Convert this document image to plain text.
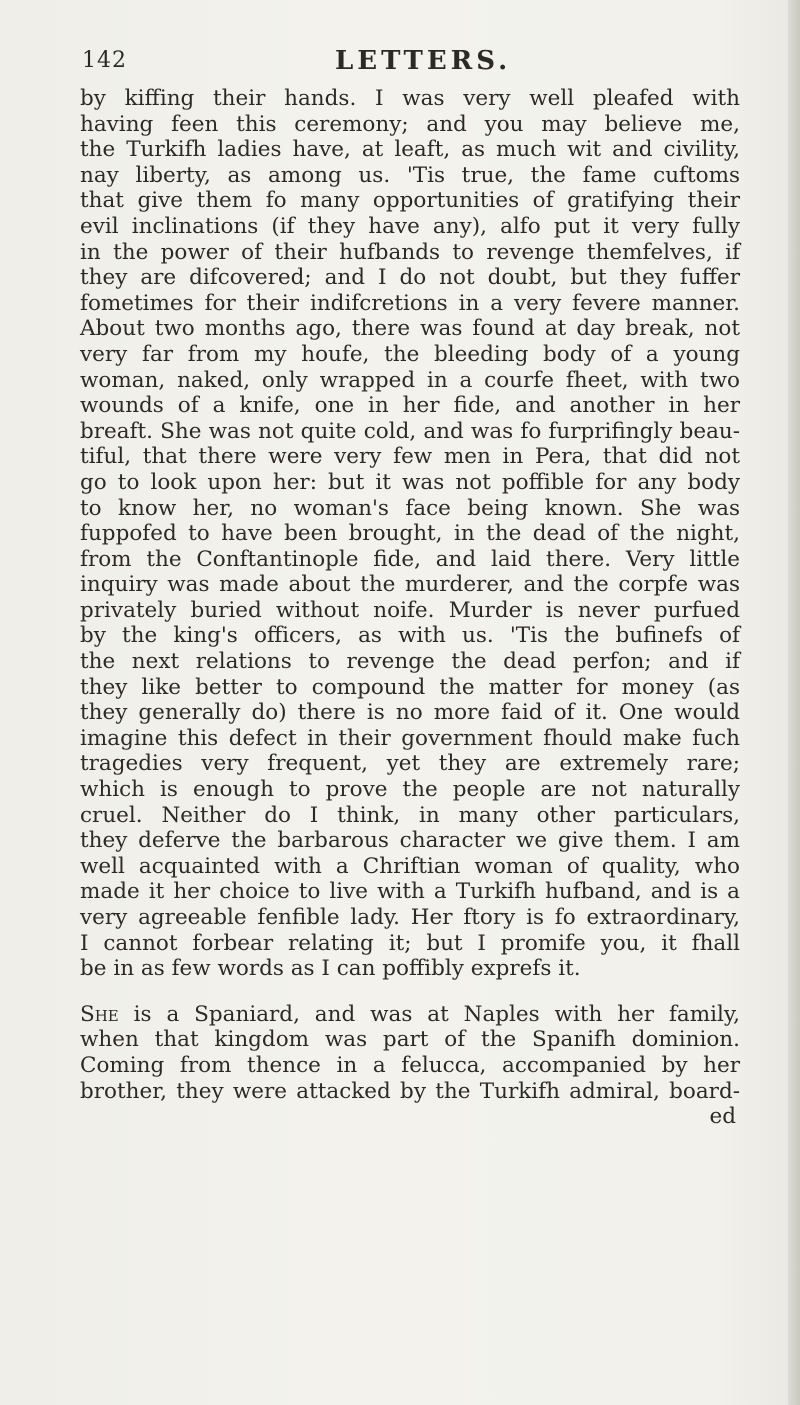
142	LETTERS.
by kiffing their hands. I was very well pleafed with
having feen this ceremony; and you may believe me,
the Turkifh ladies have, at leaft, as much wit and civility,
nay liberty, as among us. 'Tis true, the fame cuftoms
that give them fo many opportunities of gratifying their
evil inclinations (if they have any), alfo put it very fully
in the power of their hufbands to revenge themfelves, if
they are difcovered; and I do not doubt, but they fuffer
fometimes for their indifcretions in a very fevere manner.
About two months ago, there was found at day break, not
very far from my houfe, the bleeding body of a young
woman, naked, only wrapped in a courfe fheet, with two
wounds of a knife, one in her fide, and another in her
breaft. She was not quite cold, and was fo furprifingly beau-
tiful, that there were very few men in Pera, that did not
go to look upon her: but it was not poffible for any body
to know her, no woman's face being known. She was
fuppofed to have been brought, in the dead of the night,
from the Conftantinople fide, and laid there. Very little
inquiry was made about the murderer, and the corpfe was
privately buried without noife. Murder is never purfued
by the king's officers, as with us. 'Tis the bufinefs of
the next relations to revenge the dead perfon; and if
they like better to compound the matter for money (as
they generally do) there is no more faid of it. One would
imagine this defect in their government fhould make fuch
tragedies very frequent, yet they are extremely rare;
which is enough to prove the people are not naturally
cruel. Neither do I think, in many other particulars,
they deferve the barbarous character we give them. I am
well acquainted with a Chriftian woman of quality, who
made it her choice to live with a Turkifh hufband, and is a
very agreeable fenfible lady. Her ftory is fo extraordinary,
I cannot forbear relating it; but I promife you, it fhall
be in as few words as I can poffibly exprefs it.
She is a Spaniard, and was at Naples with her family,
when that kingdom was part of the Spanifh dominion.
Coming from thence in a felucca, accompanied by her
brother, they were attacked by the Turkifh admiral, board-
ed
